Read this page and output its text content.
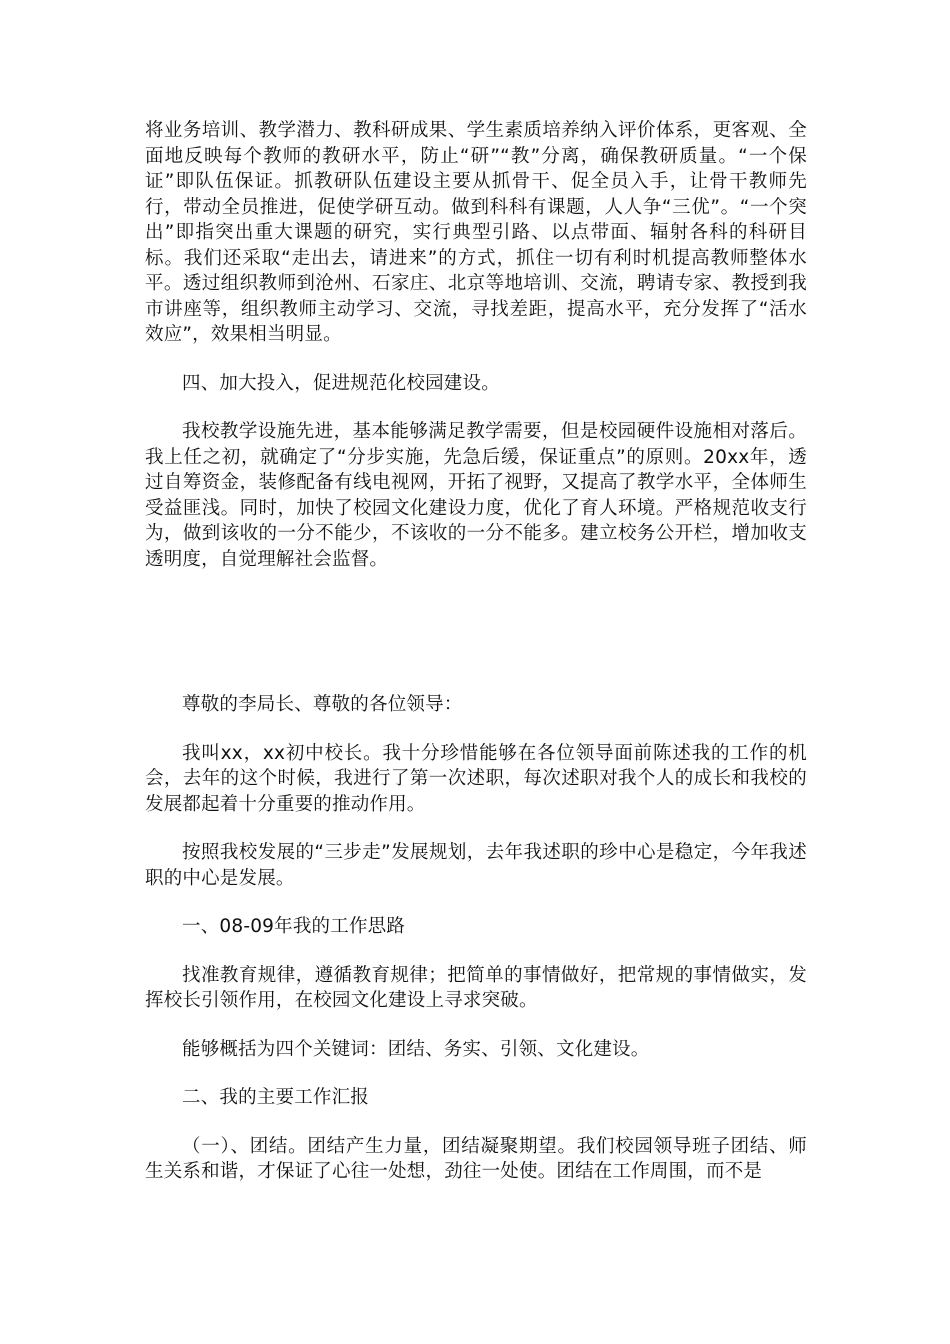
将业务培训、教学潜力、教科研成果、学生素质培养纳入评价体系，更客观、全面地反映每个教师的教研水平，防止“研”“教”分离，确保教研质量。“一个保证”即队伍保证。抓教研队伍建设主要从抓骨干、促全员入手，让骨干教师先行，带动全员推进，促使学研互动。做到科科有课题，人人争“三优”。“一个突出”即指突出重大课题的研究，实行典型引路、以点带面、辐射各科的科研目标。我们还采取“走出去，请进来”的方式，抓住一切有利时机提高教师整体水平。透过组织教师到沧州、石家庄、北京等地培训、交流，聘请专家、教授到我市讲座等，组织教师主动学习、交流，寻找差距，提高水平，充分发挥了“活水效应”，效果相当明显。

四、加大投入，促进规范化校园建设。

我校教学设施先进，基本能够满足教学需要，但是校园硬件设施相对落后。我上任之初，就确定了“分步实施，先急后缓，保证重点”的原则。20xx年，透过自筹资金，装修配备有线电视网，开拓了视野，又提高了教学水平，全体师生受益匪浅。同时，加快了校园文化建设力度，优化了育人环境。严格规范收支行为，做到该收的一分不能少，不该收的一分不能多。建立校务公开栏，增加收支透明度，自觉理解社会监督。

尊敬的李局长、尊敬的各位领导：

我叫xx，xx初中校长。我十分珍惜能够在各位领导面前陈述我的工作的机会，去年的这个时候，我进行了第一次述职，每次述职对我个人的成长和我校的发展都起着十分重要的推动作用。

按照我校发展的“三步走”发展规划，去年我述职的珍中心是稳定，今年我述职的中心是发展。

一、08-09年我的工作思路

找准教育规律，遵循教育规律；把简单的事情做好，把常规的事情做实，发挥校长引领作用，在校园文化建设上寻求突破。

能够概括为四个关键词：团结、务实、引领、文化建设。

二、我的主要工作汇报

（一）、团结。团结产生力量，团结凝聚期望。我们校园领导班子团结、师生关系和谐，才保证了心往一处想，劲往一处使。团结在工作周围，而不是
